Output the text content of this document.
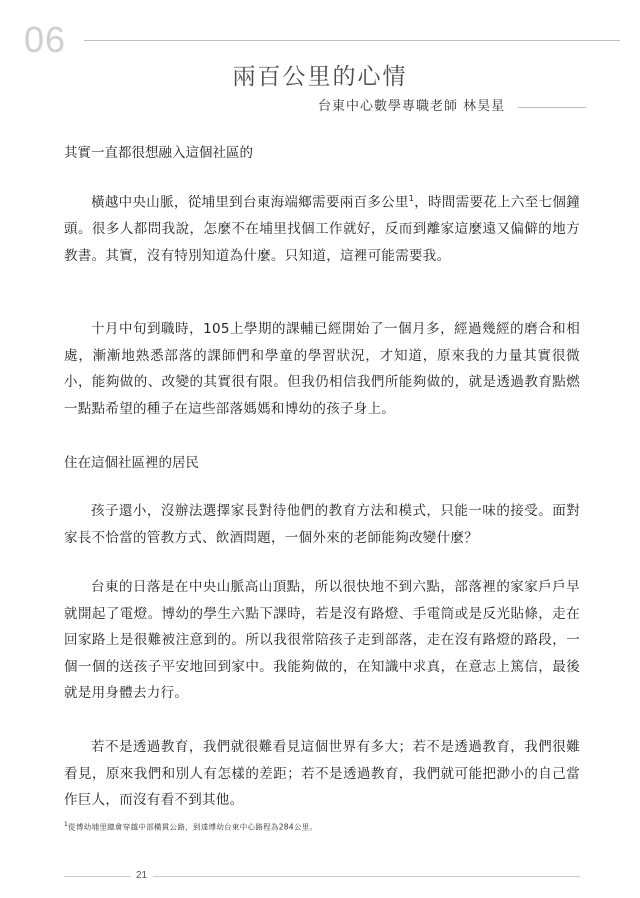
06
兩百公里的心情
台東中心數學專職老師 林昊星
其實一直都很想融入這個社區的

橫越中央山脈，從埔里到台東海端鄉需要兩百多公里$^1$，時間需要花上六至七個鐘頭。很多人都問我說，怎麼不在埔里找個工作就好，反而到離家這麼遠又偏僻的地方教書。其實，沒有特別知道為什麼。只知道，這裡可能需要我。

十月中旬到職時，105上學期的課輔已經開始了一個月多，經過幾經的磨合和相處，漸漸地熟悉部落的課師們和學童的學習狀況，才知道，原來我的力量其實很微小，能夠做的、改變的其實很有限。但我仍相信我們所能夠做的，就是透過教育點燃一點點希望的種子在這些部落媽媽和博幼的孩子身上。

住在這個社區裡的居民

孩子還小，沒辦法選擇家長對待他們的教育方法和模式，只能一味的接受。面對家長不恰當的管教方式、飲酒問題，一個外來的老師能夠改變什麼？

台東的日落是在中央山脈高山頂點，所以很快地不到六點，部落裡的家家戶戶早就開起了電燈。博幼的學生六點下課時，若是沒有路燈、手電筒或是反光貼條，走在回家路上是很難被注意到的。所以我很常陪孩子走到部落，走在沒有路燈的路段，一個一個的送孩子平安地回到家中。我能夠做的，在知識中求真，在意志上篤信，最後就是用身體去力行。

若不是透過教育，我們就很難看見這個世界有多大；若不是透過教育，我們很難看見，原來我們和別人有怎樣的差距；若不是透過教育，我們就可能把渺小的自己當作巨人，而沒有看不到其他。

$^1$從博幼埔里總會穿越中部橫貫公路，到達博幼台東中心路程為284公里。
21
